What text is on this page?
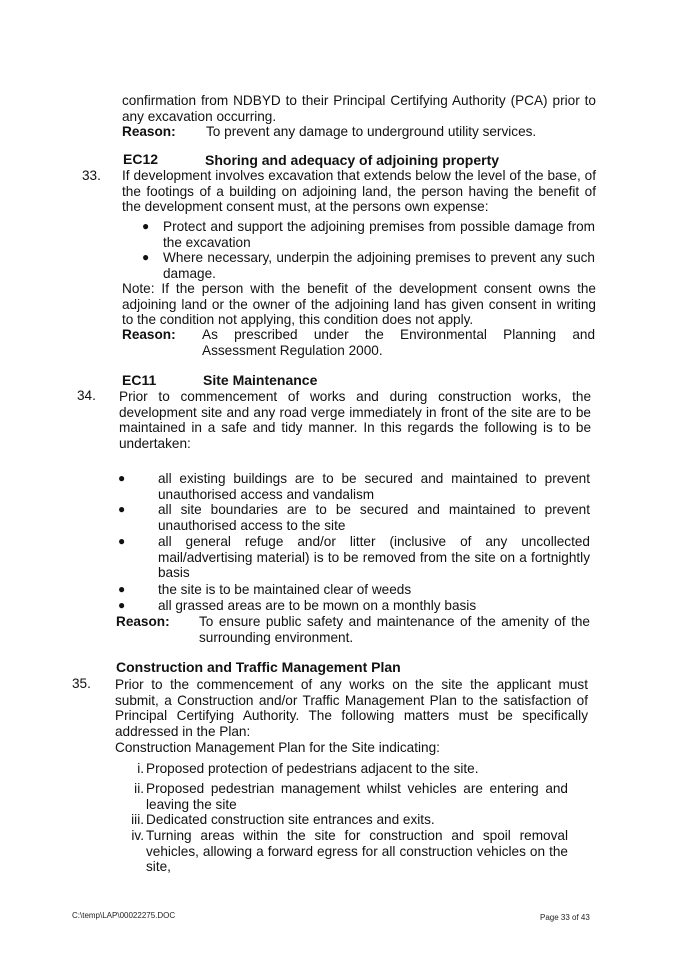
confirmation from NDBYD to their Principal Certifying Authority (PCA) prior to any excavation occurring.
Reason: To prevent any damage to underground utility services.
EC12	Shoring and adequacy of adjoining property
33. If development involves excavation that extends below the level of the base, of the footings of a building on adjoining land, the person having the benefit of the development consent must, at the persons own expense:
● Protect and support the adjoining premises from possible damage from the excavation
● Where necessary, underpin the adjoining premises to prevent any such damage.
Note: If the person with the benefit of the development consent owns the adjoining land or the owner of the adjoining land has given consent in writing to the condition not applying, this condition does not apply.
Reason: As prescribed under the Environmental Planning and Assessment Regulation 2000.
EC11	Site Maintenance
34. Prior to commencement of works and during construction works, the development site and any road verge immediately in front of the site are to be maintained in a safe and tidy manner. In this regards the following is to be undertaken:
● all existing buildings are to be secured and maintained to prevent unauthorised access and vandalism
● all site boundaries are to be secured and maintained to prevent unauthorised access to the site
● all general refuge and/or litter (inclusive of any uncollected mail/advertising material) is to be removed from the site on a fortnightly basis
● the site is to be maintained clear of weeds
● all grassed areas are to be mown on a monthly basis
Reason: To ensure public safety and maintenance of the amenity of the surrounding environment.
Construction and Traffic Management Plan
35. Prior to the commencement of any works on the site the applicant must submit, a Construction and/or Traffic Management Plan to the satisfaction of Principal Certifying Authority. The following matters must be specifically addressed in the Plan:
Construction Management Plan for the Site indicating:
i. Proposed protection of pedestrians adjacent to the site.
ii. Proposed pedestrian management whilst vehicles are entering and leaving the site
iii. Dedicated construction site entrances and exits.
iv. Turning areas within the site for construction and spoil removal vehicles, allowing a forward egress for all construction vehicles on the site,
C:\temp\LAP\00022275.DOC	Page 33 of 43
